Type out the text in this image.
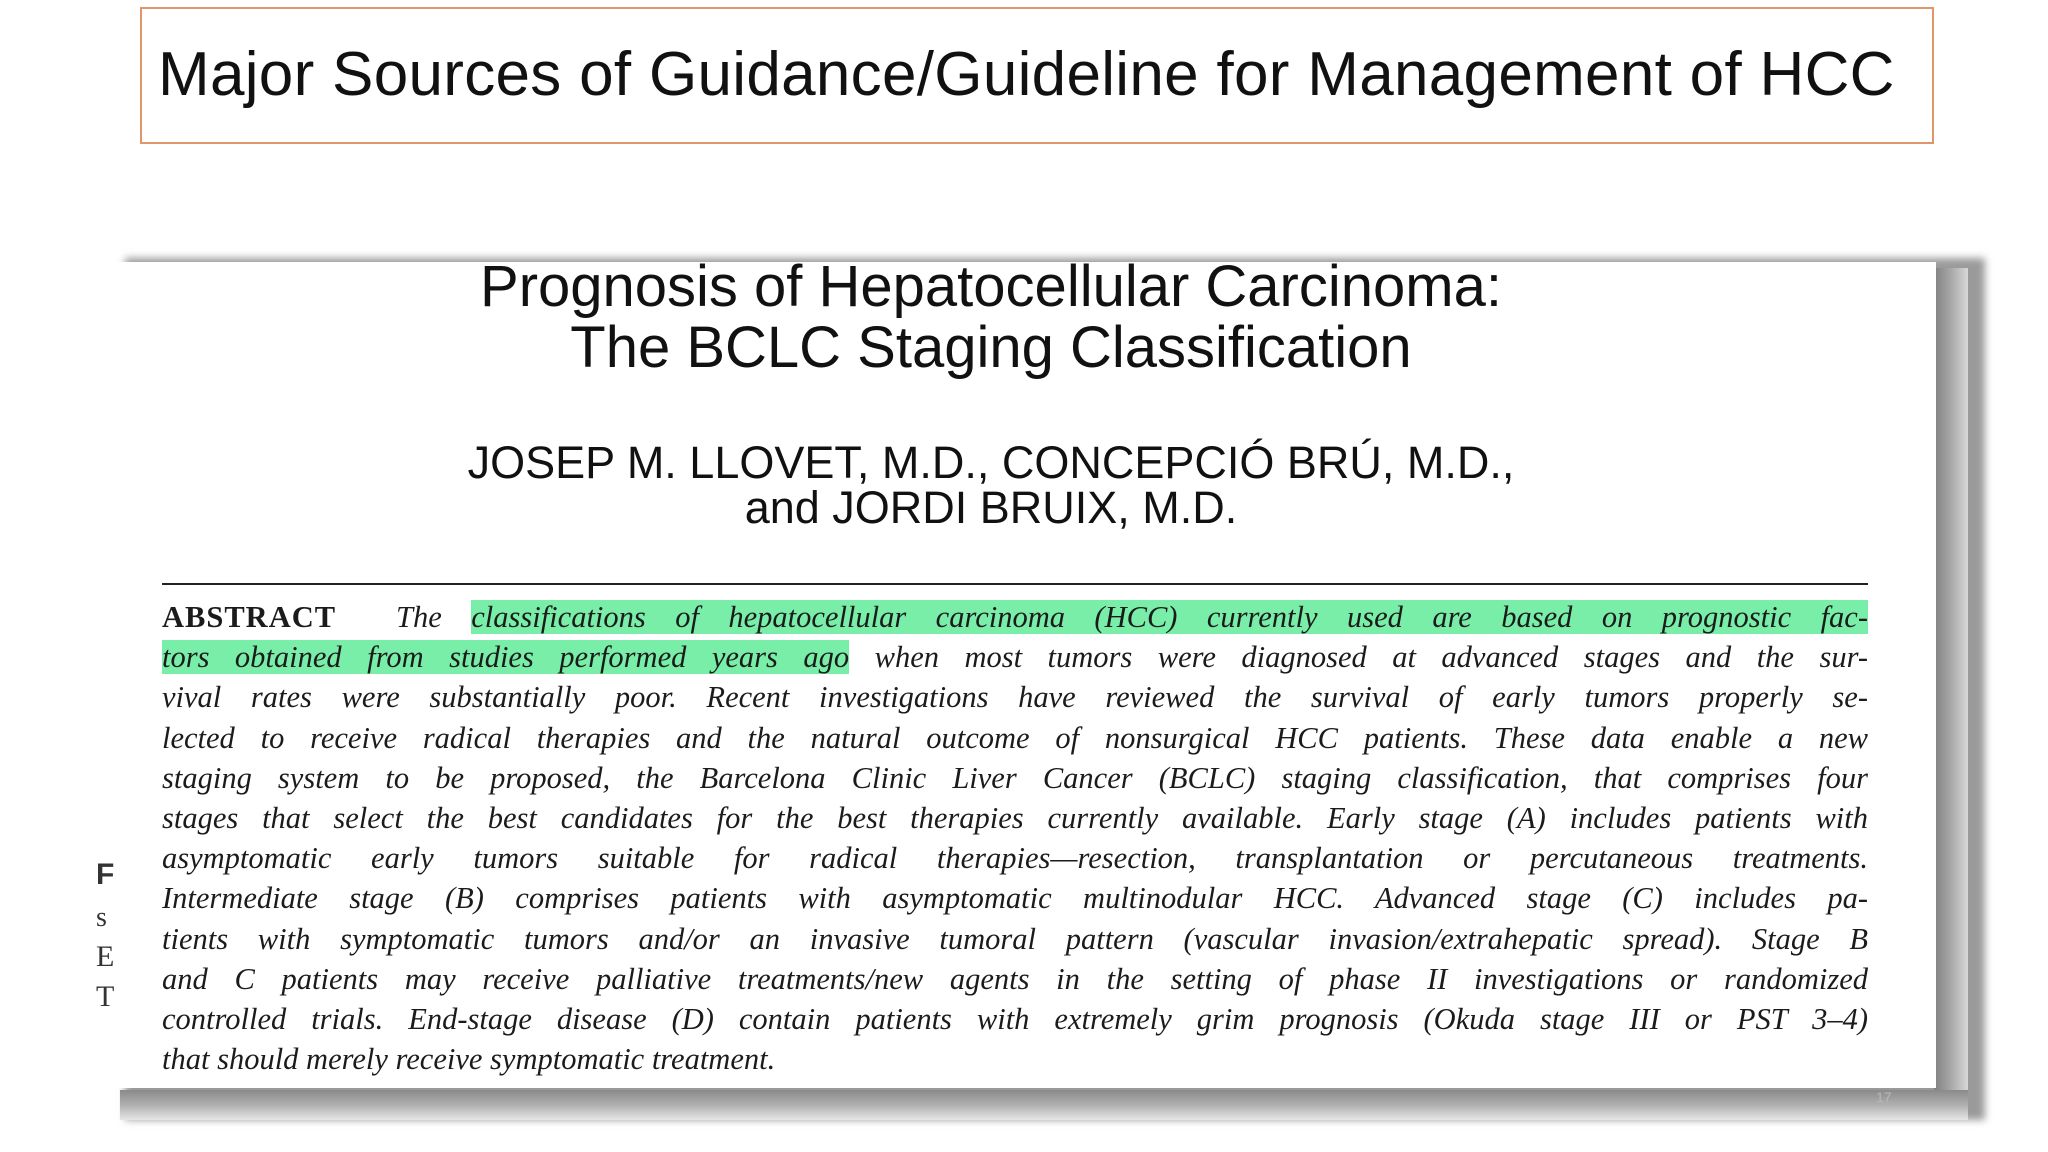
Major Sources of Guidance/Guideline for Management of HCC
F
s
E
T
Prognosis of Hepatocellular Carcinoma:
The BCLC Staging Classification
JOSEP M. LLOVET, M.D., CONCEPCIÓ BRÚ, M.D.,
and JORDI BRUIX, M.D.
ABSTRACT  The classifications of hepatocellular carcinoma (HCC) currently used are based on prognostic fac-
tors obtained from studies performed years ago when most tumors were diagnosed at advanced stages and the sur-
vival rates were substantially poor. Recent investigations have reviewed the survival of early tumors properly se-
lected to receive radical therapies and the natural outcome of nonsurgical HCC patients. These data enable a new
staging system to be proposed, the Barcelona Clinic Liver Cancer (BCLC) staging classification, that comprises four
stages that select the best candidates for the best therapies currently available. Early stage (A) includes patients with
asymptomatic early tumors suitable for radical therapies—resection, transplantation or percutaneous treatments.
Intermediate stage (B) comprises patients with asymptomatic multinodular HCC. Advanced stage (C) includes pa-
tients with symptomatic tumors and/or an invasive tumoral pattern (vascular invasion/extrahepatic spread). Stage B
and C patients may receive palliative treatments/new agents in the setting of phase II investigations or randomized
controlled trials. End-stage disease (D) contain patients with extremely grim prognosis (Okuda stage III or PST 3–4)
that should merely receive symptomatic treatment.
17
